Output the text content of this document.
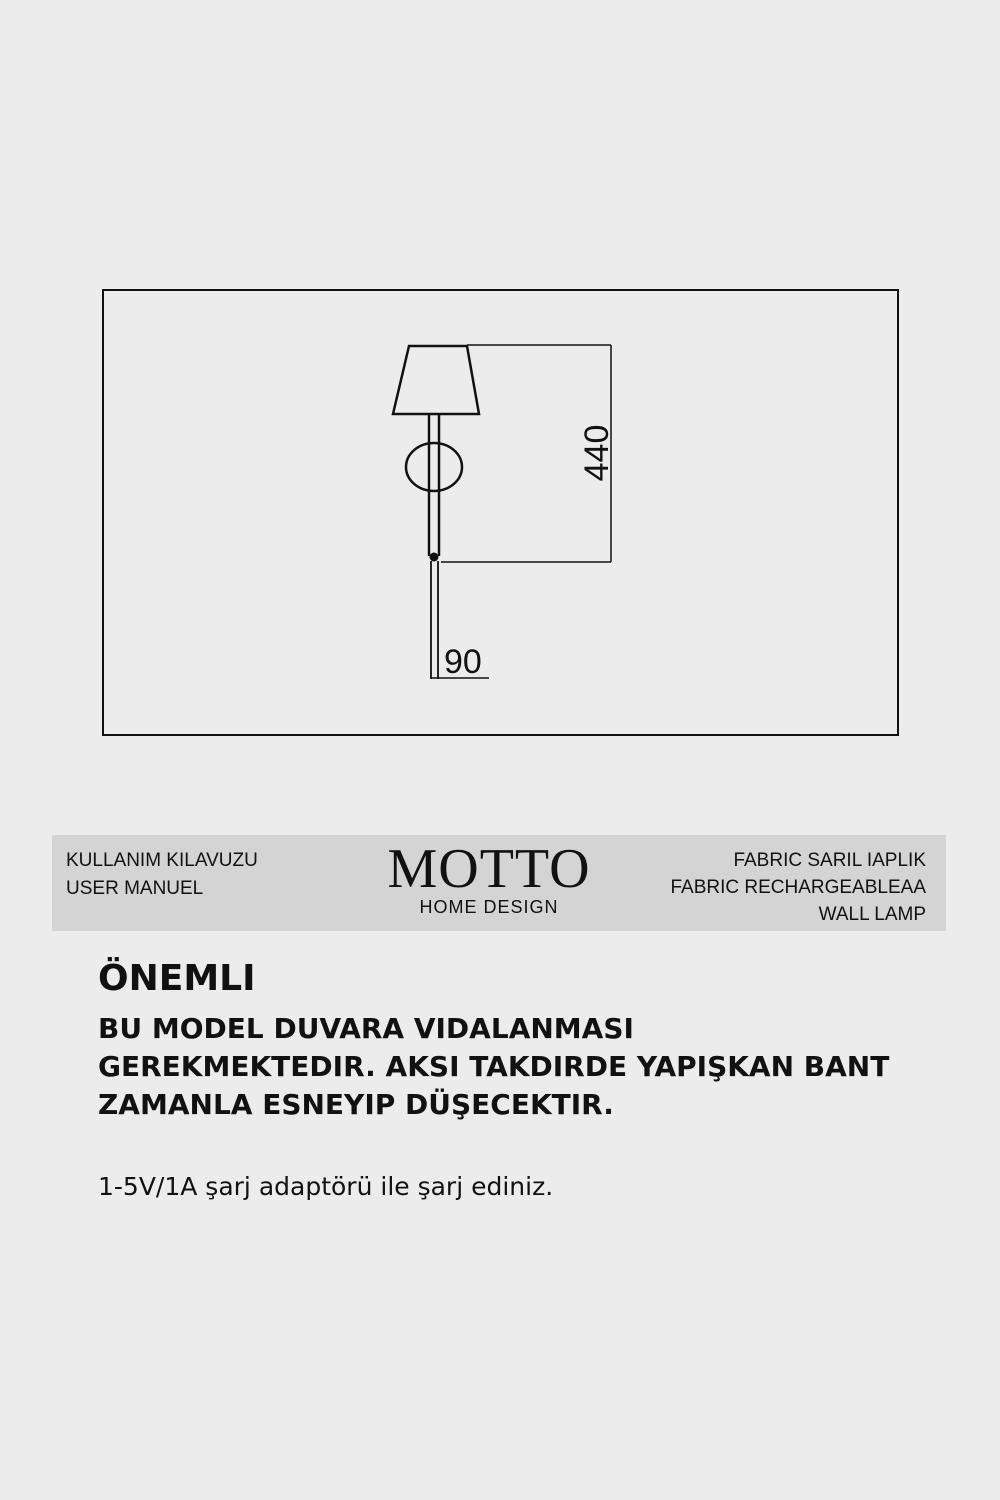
440
90
KULLANIM KILAVUZU
USER MANUEL	MOTTO
HOME DESIGN
FABRIC SARIL IAPLIK
FABRIC RECHARGEABLEAA
WALL LAMP
ÖNEMLI

BU MODEL DUVARA VIDALANMASI
GEREKMEKTEDIR. AKSI TAKDIRDE YAPIŞKAN BANT
ZAMANLA ESNEYIP DÜŞECEKTIR.

1-5V/1A şarj adaptörü ile şarj ediniz.
